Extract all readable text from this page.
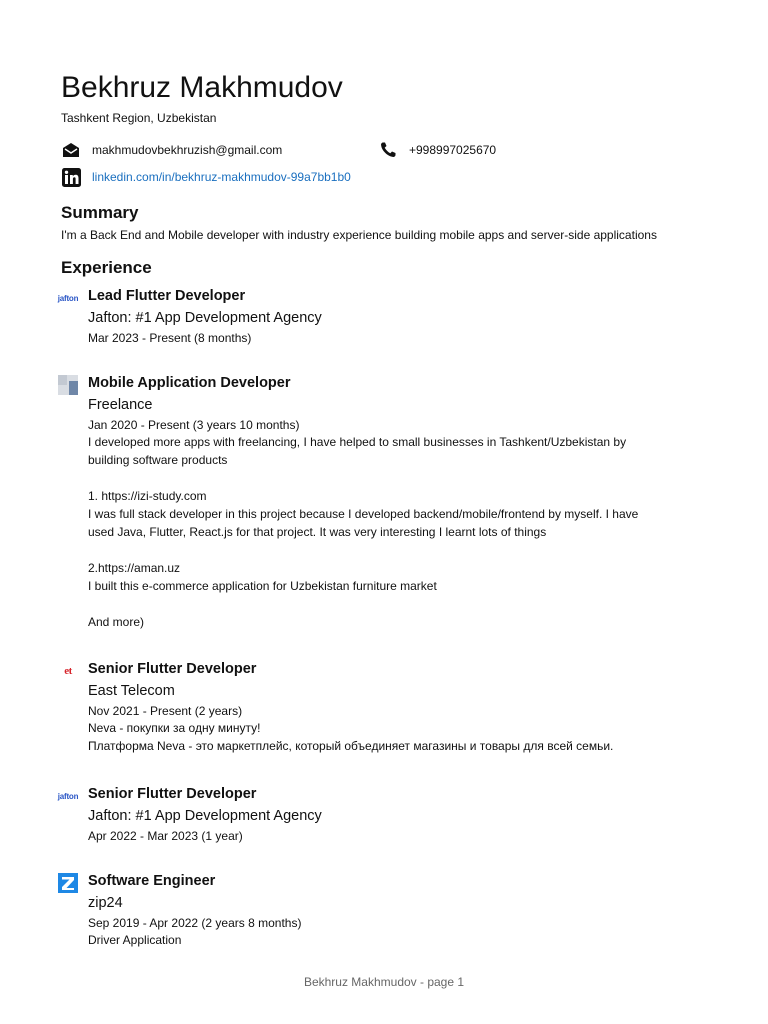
Bekhruz Makhmudov
Tashkent Region, Uzbekistan
makhmudovbekhruzish@gmail.com	+998997025670
linkedin.com/in/bekhruz-makhmudov-99a7bb1b0
Summary
I'm a Back End and Mobile developer with industry experience building mobile apps and server-side applications
Experience
jafton Lead Flutter Developer
Jafton: #1 App Development Agency
Mar 2023 - Present (8 months)
Mobile Application Developer
Freelance
Jan 2020 - Present (3 years 10 months)
I developed more apps with freelancing, I have helped to small businesses in Tashkent/Uzbekistan by
building software products

1. https://izi-study.com
I was full stack developer in this project because I developed backend/mobile/frontend by myself. I have
used Java, Flutter, React.js for that project. It was very interesting I learnt lots of things

2.https://aman.uz
I built this e-commerce application for Uzbekistan furniture market

And more)
et Senior Flutter Developer
East Telecom
Nov 2021 - Present (2 years)
Neva - покупки за одну минуту!
Платформа Neva - это маркетплейс, который объединяет магазины и товары для всей семьи.
jafton Senior Flutter Developer
Jafton: #1 App Development Agency
Apr 2022 - Mar 2023 (1 year)
Software Engineer
zip24
Sep 2019 - Apr 2022 (2 years 8 months)
Driver Application
Bekhruz Makhmudov - page 1
